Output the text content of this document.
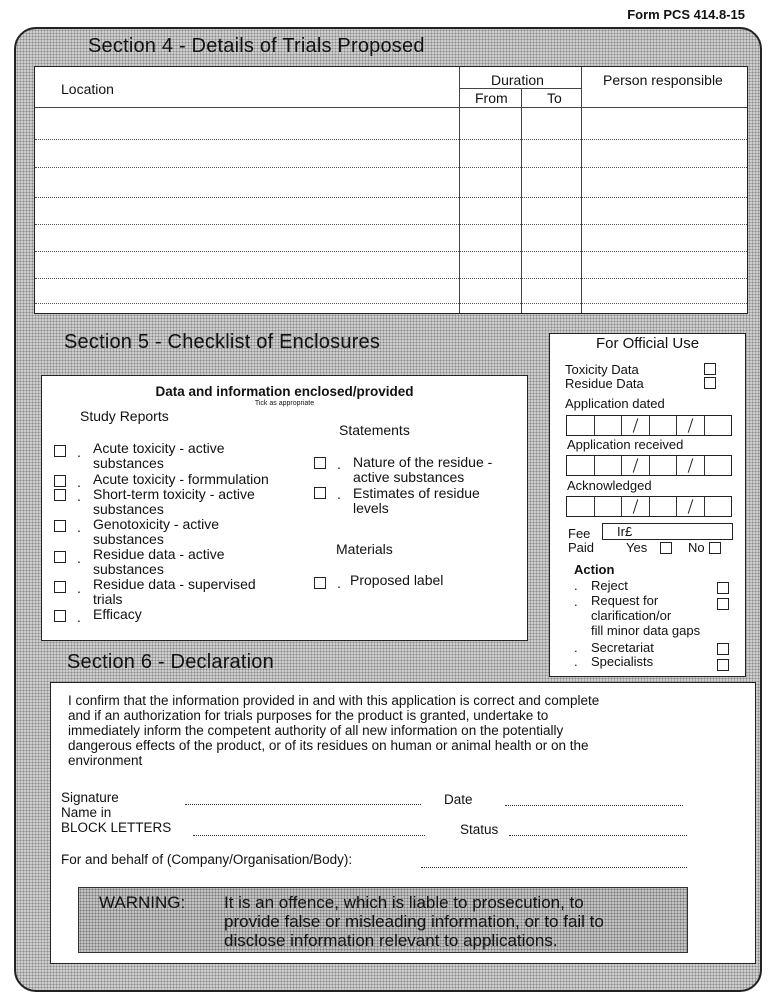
Form PCS 414.8-15
Section 4 - Details of Trials Proposed
Location
Duration
From	To
Person responsible
Section 5 - Checklist of Enclosures
Data and information enclosed/provided
Tick as appropriate
Study Reports
. Acute toxicity - active
substances
. Acute toxicity - formmulation
. Short-term toxicity - active
substances
. Genotoxicity - active
substances
. Residue data - active
substances
. Residue data - supervised
trials
. Efficacy
Statements
. Nature of the residue -
active substances
. Estimates of residue
levels
Materials
. Proposed label
For Official Use
Toxicity Data
Residue Data
Application dated
Application received
Acknowledged
Fee Ir£
Paid Yes	No
Action
. Reject
. Request for
clarification/or
fill minor data gaps
. Secretariat
. Specialists
Section 6 - Declaration
I confirm that the information provided in and with this application is correct and complete
and if an authorization for trials purposes for the product is granted, undertake to
immediately inform the competent authority of all new information on the potentially
dangerous effects of the product, or of its residues on human or animal health or on the
environment
Signature	Date
Name in
BLOCK LETTERS	Status
For and behalf of (Company/Organisation/Body):
WARNING: It is an offence, which is liable to prosecution, to
provide false or misleading information, or to fail to
disclose information relevant to applications.
